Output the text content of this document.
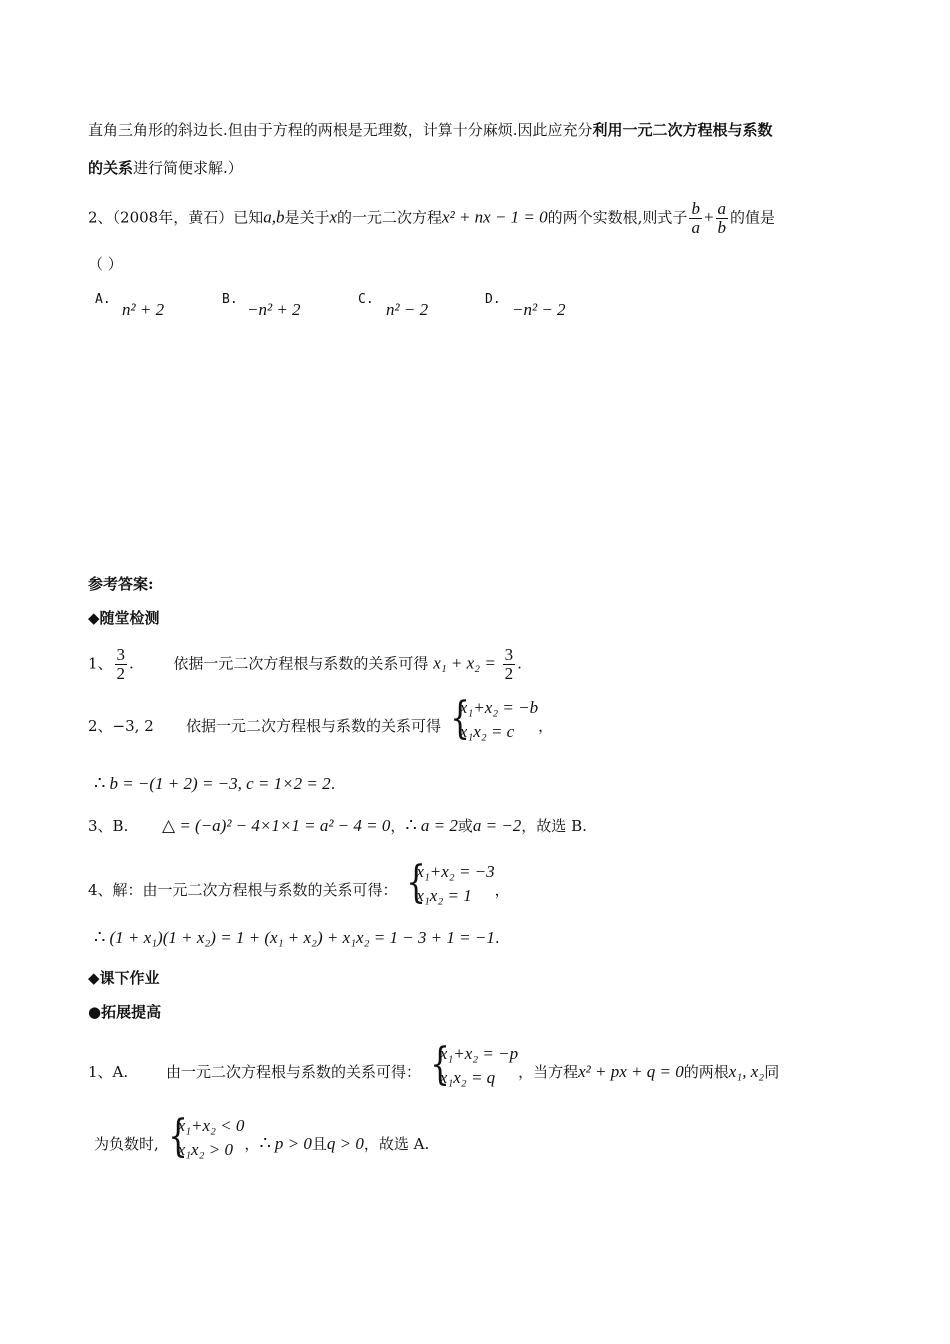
直角三角形的斜边长.但由于方程的两根是无理数，计算十分麻烦.因此应充分利用一元二次方程根与系数
的关系进行简便求解.）
2、（2008年，黄石）已知a,b是关于x的一元二次方程x² + nx − 1 = 0的两个实数根,则式子 $\frac{b}{a} + \frac{a}{b}$ 的值是
（ ）
A.
n² + 2
B.
−n² + 2
C.
n² − 2
D.
−n² − 2
参考答案:
◆随堂检测
1、 $\frac{3}{2}$ .	依据一元二次方程根与系数的关系可得 $x_1 + x_2 = \frac{3}{2}$ .
2、−3, 2 依据一元二次方程根与系数的关系可得 {
x₁+x₂ = −b
x₁x₂ = c	，
∴ b = −(1 + 2) = −3, c = 1×2 = 2.
3、B. △ = (−a)² − 4×1×1 = a² − 4 = 0，∴ a = 2或a = −2，故选 B.
4、解：由一元二次方程根与系数的关系可得： {
x₁+x₂ = −3
x₁x₂ = 1	，
∴ (1 + x₁)(1 + x₂) = 1 + (x₁ + x₂) + x₁x₂ = 1 − 3 + 1 = −1.
◆课下作业
●拓展提高
1、A.	由一元二次方程根与系数的关系可得： {
x₁+x₂ = −p
x₁x₂ = q	，当方程x² + px + q = 0的两根x₁, x₂同
为负数时, {
x₁+x₂ < 0
x₁x₂ > 0 ，∴ p > 0且q > 0，故选 A.
